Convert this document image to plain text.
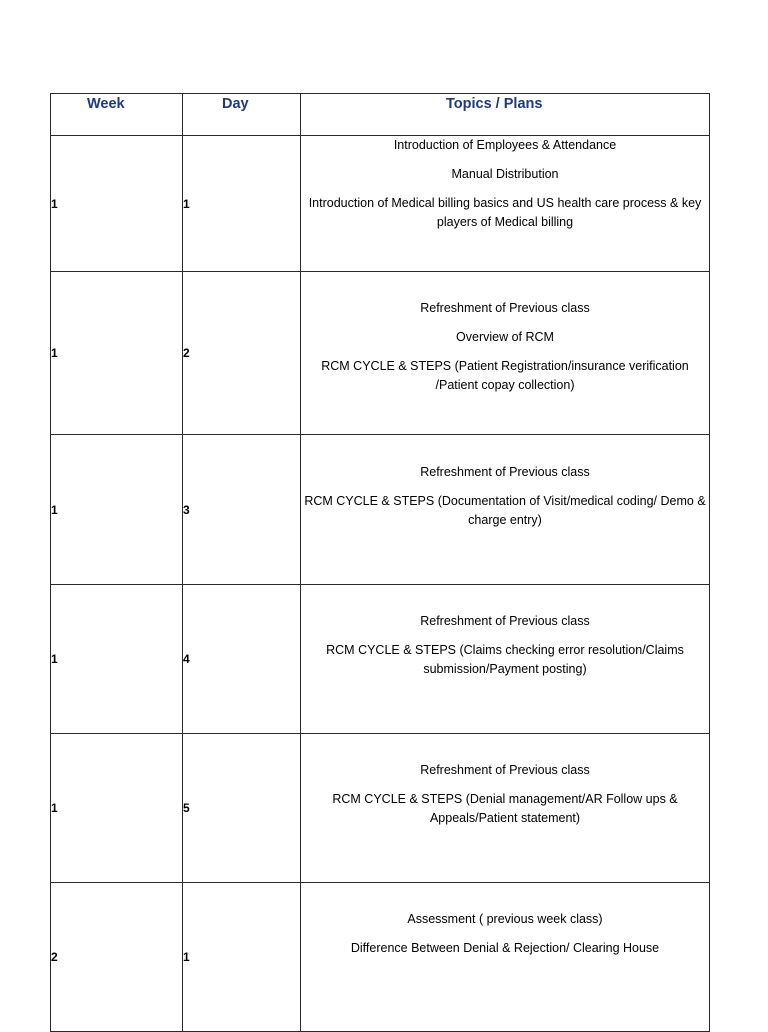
Week	Day	Topics / Plans
1	1	Introduction of Employees & Attendance

Manual Distribution

Introduction of Medical billing basics and US health care process & key players of Medical billing

1	2	Refreshment of Previous class

Overview of RCM

RCM CYCLE & STEPS (Patient Registration/insurance verification /Patient copay collection)

1	3	Refreshment of Previous class

RCM CYCLE & STEPS (Documentation of Visit/medical coding/ Demo & charge entry)

1	4	Refreshment of Previous class

RCM CYCLE & STEPS (Claims checking error resolution/Claims submission/Payment posting)

1	5	Refreshment of Previous class

RCM CYCLE & STEPS (Denial management/AR Follow ups & Appeals/Patient statement)

2	1	Assessment ( previous week class)

Difference Between Denial & Rejection/ Clearing House
